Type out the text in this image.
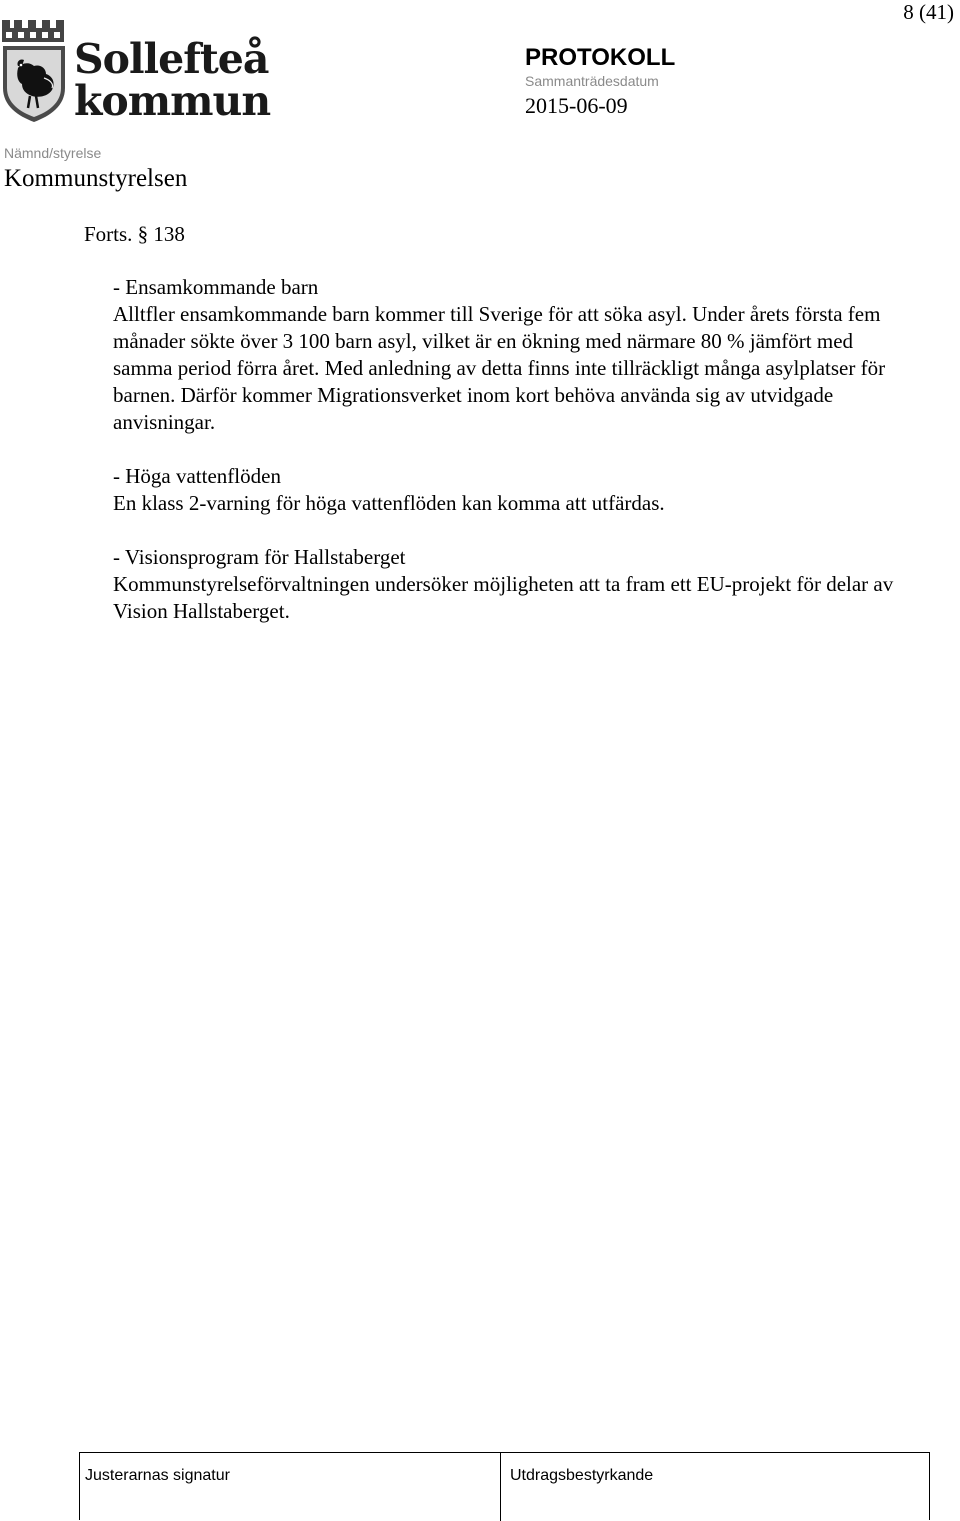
8 (41)
Sollefteå
kommun
PROTOKOLL
Sammanträdesdatum
2015-06-09
Nämnd/styrelse
Kommunstyrelsen
Forts. § 138

- Ensamkommande barn
Alltfler ensamkommande barn kommer till Sverige för att söka asyl. Under årets första fem månader sökte över 3 100 barn asyl, vilket är en ökning med närmare 80 % jämfört med samma period förra året. Med anledning av detta finns inte tillräckligt många asylplatser för barnen. Därför kommer Migrationsverket inom kort behöva använda sig av utvidgade anvisningar.

- Höga vattenflöden
En klass 2-varning för höga vattenflöden kan komma att utfärdas.

- Visionsprogram för Hallstaberget
Kommunstyrelseförvaltningen undersöker möjligheten att ta fram ett EU-projekt för delar av Vision Hallstaberget.

Justerarnas signatur	Utdragsbestyrkande
